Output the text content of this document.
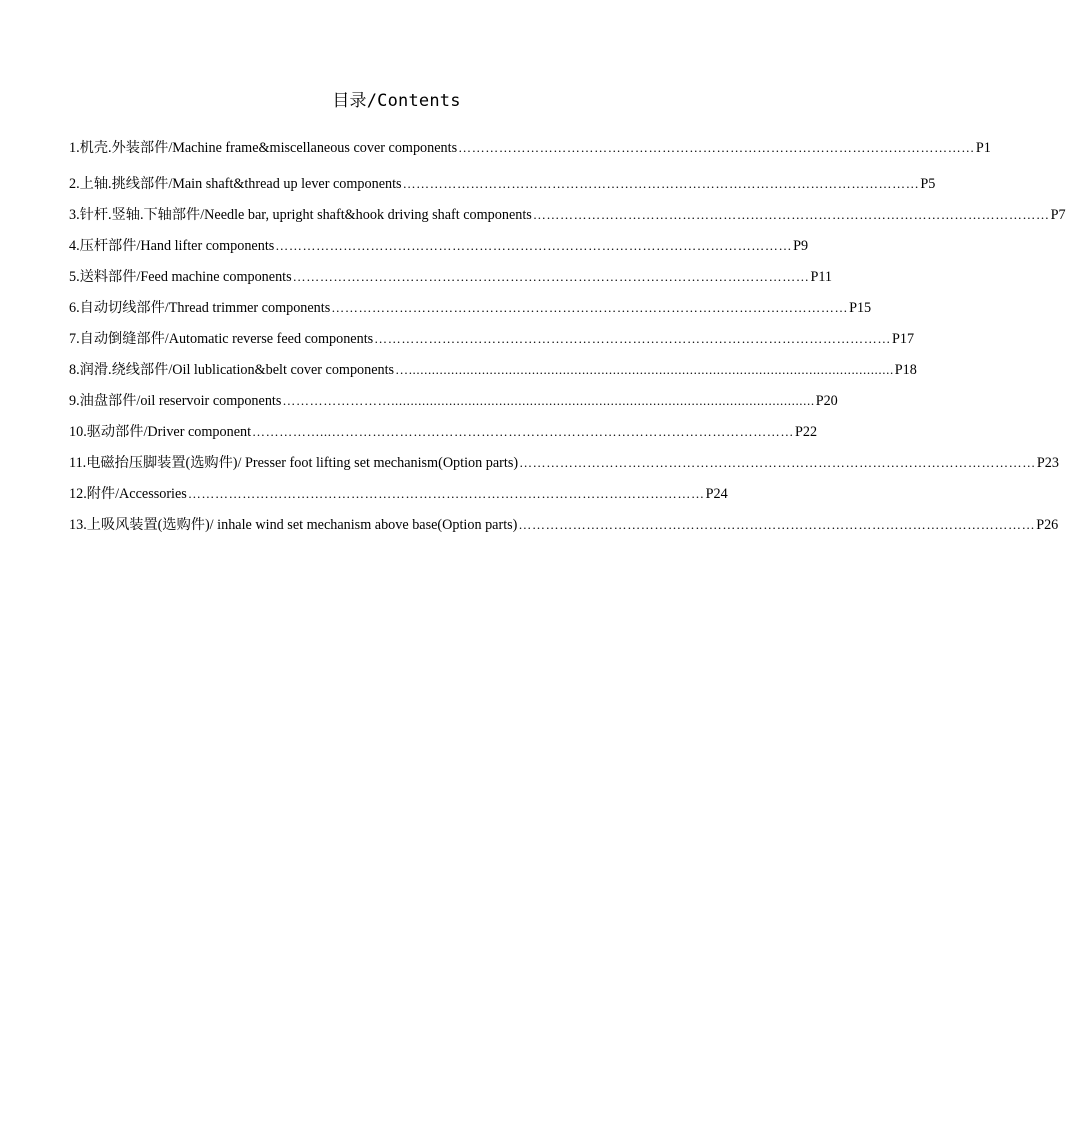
目录/Contents
1.机壳.外装部件/Machine frame&miscellaneous cover components …………………………………………………………………………………………………… P1
2.上轴.挑线部件/Main shaft&thread up lever components …………………………………………………………………………………………………… P5
3.针杆.竖轴.下轴部件/Needle bar, upright shaft&hook driving shaft components …………………………………………………………………………………………………… P7
4.压杆部件/Hand lifter components …………………………………………………………………………………………………… P9
5.送料部件/Feed machine components …………………………………………………………………………………………………… P11
6.自动切线部件/Thread trimmer components …………………………………………………………………………………………………… P15
7.自动倒缝部件/Automatic reverse feed components …………………………………………………………………………………………………… P17
8.润滑.绕线部件/Oil lublication&belt cover components ….............................................................................................................................. P18
9.油盘部件/oil reservoir components …………………….............................................................................................................. P20
10.驱动部件/Driver component ……………...………………………………………………………………………………………… P22
11.电磁抬压脚装置(选购件)/ Presser foot lifting set mechanism(Option parts) …………………………………………………………………………………………………… P23
12.附件/Accessories …………………………………………………………………………………………………… P24
13.上吸风装置(选购件)/ inhale wind set mechanism above base(Option parts) …………………………………………………………………………………………………… P26
